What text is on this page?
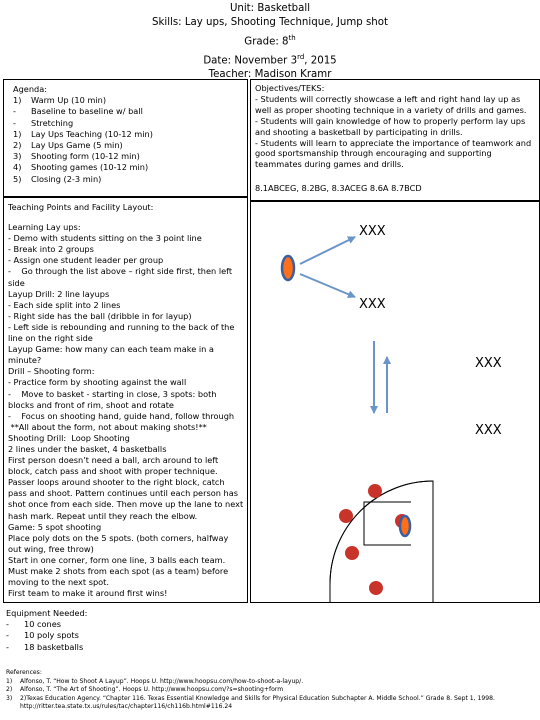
Unit: Basketball
Skills: Lay ups, Shooting Technique, Jump shot
Grade: 8th
Date: November 3rd, 2015
Teacher: Madison Kramr
Agenda:
1)	Warm Up (10 min)
-	Baseline to baseline w/ ball
-	Stretching
1)	Lay Ups Teaching (10-12 min)
2)	Lay Ups Game (5 min)
3)	Shooting form (10-12 min)
4)	Shooting games (10-12 min)
5)	Closing (2-3 min)

Objectives/TEKS:

- Students will correctly showcase a left and right hand lay up as well as proper shooting technique in a variety of drills and games.

- Students will gain knowledge of how to properly perform lay ups and shooting a basketball by participating in drills.

- Students will learn to appreciate the importance of teamwork and good sportsmanship through encouraging and supporting teammates during games and drills.

8.1ABCEG, 8.2BG, 8.3ACEG 8.6A 8.7BCD

Teaching Points and Facility Layout:
Learning Lay ups:
- Demo with students sitting on the 3 point line
- Break into 2 groups
- Assign one student leader per group
-    Go through the list above – right side first, then left side
Layup Drill: 2 line layups
- Each side split into 2 lines
- Right side has the ball (dribble in for layup)
- Left side is rebounding and running to the back of the line on the right side
Layup Game: how many can each team make in a minute?
Drill – Shooting form:
- Practice form by shooting against the wall
-    Move to basket - starting in close, 3 spots: both blocks and front of rim, shoot and rotate
-    Focus on shooting hand, guide hand, follow through
**All about the form, not about making shots!**
Shooting Drill:  Loop Shooting
2 lines under the basket, 4 basketballs
First person doesn’t need a ball, arch around to left block, catch pass and shoot with proper technique. Passer loops around shooter to the right block, catch pass and shoot. Pattern continues until each person has shot once from each side. Then move up the lane to next hash mark. Repeat until they reach the elbow.
Game: 5 spot shooting
Place poly dots on the 5 spots. (both corners, halfway out wing, free throw)
Start in one corner, form one line, 3 balls each team.
Must make 2 shots from each spot (as a team) before moving to the next spot.
First team to make it around first wins!
XXX
XXX
XXX
XXX
Equipment Needed:
-	10 cones
-	10 poly spots
-	18 basketballs
References:
1)	Alfonso, T. “How to Shoot A Layup”. Hoops U. http://www.hoopsu.com/how-to-shoot-a-layup/.
2)	Alfonso, T. “The Art of Shooting”. Hoops U. http://www.hoopsu.com/?s=shooting+form
3)	2)Texas Education Agency. “Chapter 116. Texas Essential Knowledge and Skills for Physical Education Subchapter A. Middle School.” Grade 8. Sept 1, 1998. http://ritter.tea.state.tx.us/rules/tac/chapter116/ch116b.html#116.24
